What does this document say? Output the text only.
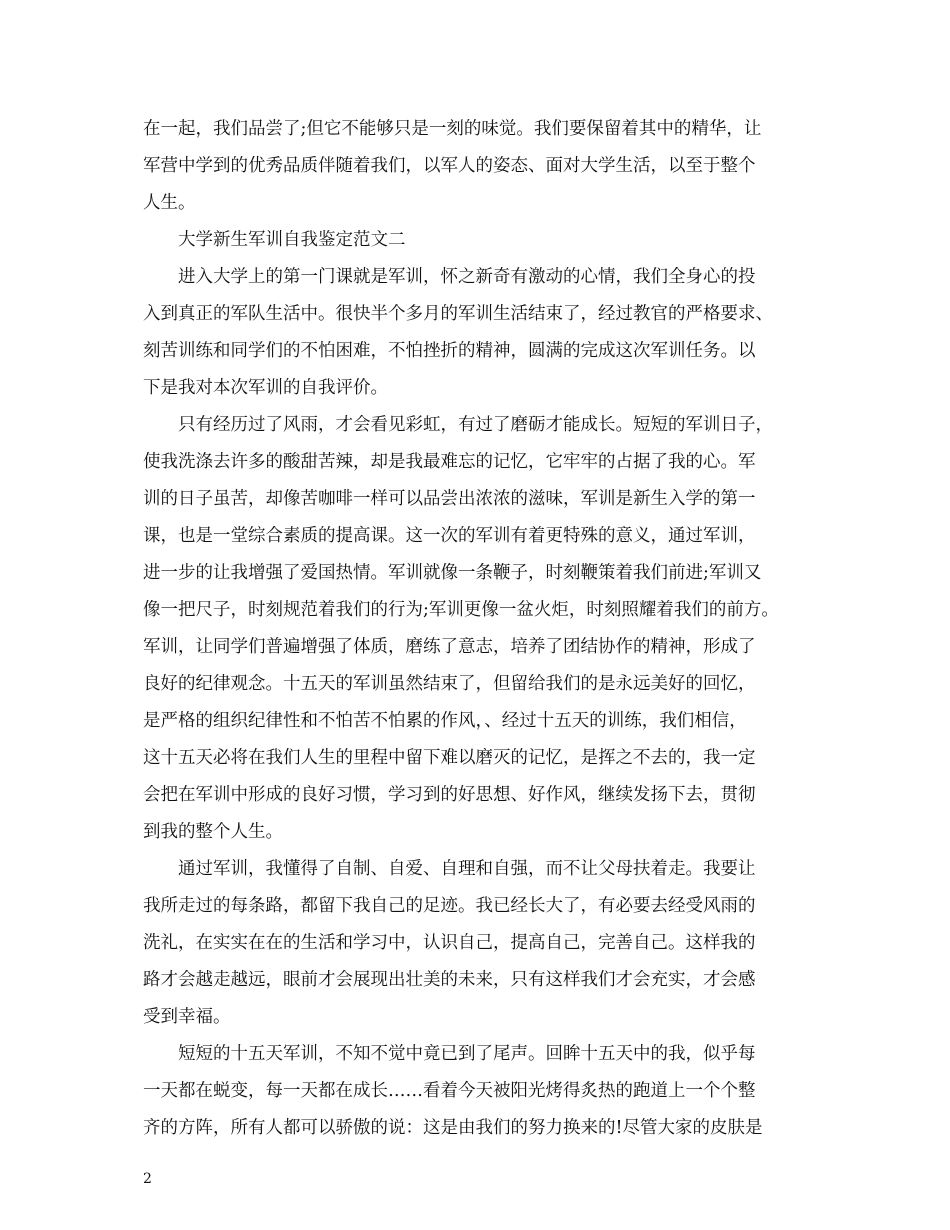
在一起，我们品尝了;但它不能够只是一刻的味觉。我们要保留着其中的精华，让
军营中学到的优秀品质伴随着我们，以军人的姿态、面对大学生活，以至于整个
人生。
大学新生军训自我鉴定范文二
进入大学上的第一门课就是军训，怀之新奇有激动的心情，我们全身心的投
入到真正的军队生活中。很快半个多月的军训生活结束了，经过教官的严格要求、
刻苦训练和同学们的不怕困难，不怕挫折的精神，圆满的完成这次军训任务。以
下是我对本次军训的自我评价。
只有经历过了风雨，才会看见彩虹，有过了磨砺才能成长。短短的军训日子，
使我洗涤去许多的酸甜苦辣，却是我最难忘的记忆，它牢牢的占据了我的心。军
训的日子虽苦，却像苦咖啡一样可以品尝出浓浓的滋味，军训是新生入学的第一
课，也是一堂综合素质的提高课。这一次的军训有着更特殊的意义，通过军训，
进一步的让我增强了爱国热情。军训就像一条鞭子，时刻鞭策着我们前进;军训又
像一把尺子，时刻规范着我们的行为;军训更像一盆火炬，时刻照耀着我们的前方。
军训，让同学们普遍增强了体质，磨练了意志，培养了团结协作的精神，形成了
良好的纪律观念。十五天的军训虽然结束了，但留给我们的是永远美好的回忆，
是严格的组织纪律性和不怕苦不怕累的作风，、经过十五天的训练，我们相信，
这十五天必将在我们人生的里程中留下难以磨灭的记忆，是挥之不去的，我一定
会把在军训中形成的良好习惯，学习到的好思想、好作风，继续发扬下去，贯彻
到我的整个人生。
通过军训，我懂得了自制、自爱、自理和自强，而不让父母扶着走。我要让
我所走过的每条路，都留下我自己的足迹。我已经长大了，有必要去经受风雨的
洗礼，在实实在在的生活和学习中，认识自己，提高自己，完善自己。这样我的
路才会越走越远，眼前才会展现出壮美的未来，只有这样我们才会充实，才会感
受到幸福。
短短的十五天军训，不知不觉中竟已到了尾声。回眸十五天中的我，似乎每
一天都在蜕变，每一天都在成长……看着今天被阳光烤得炙热的跑道上一个个整
齐的方阵，所有人都可以骄傲的说：这是由我们的努力换来的!尽管大家的皮肤是
2
